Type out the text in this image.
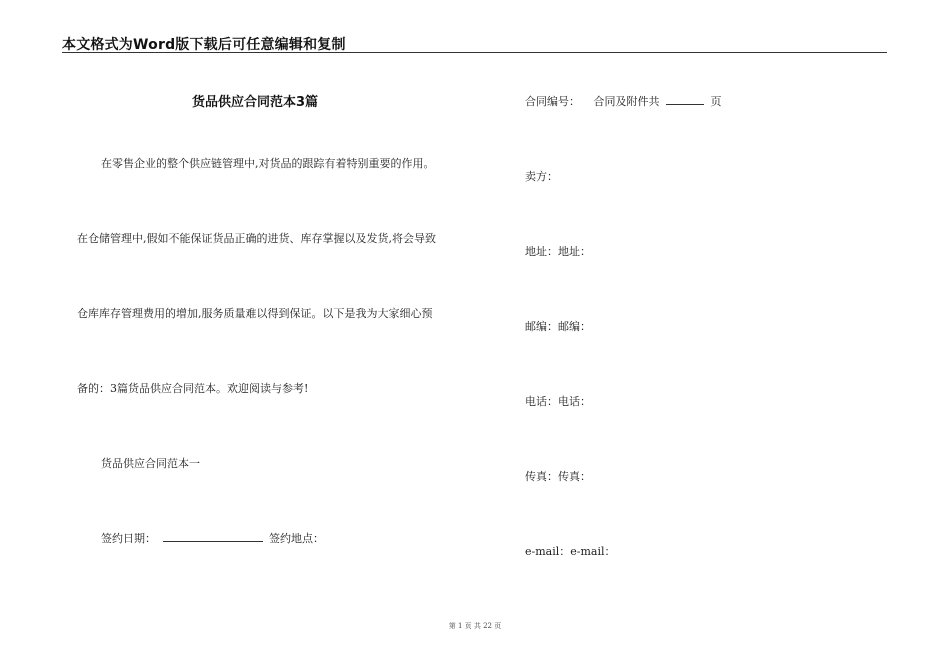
本文格式为Word版下载后可任意编辑和复制
货品供应合同范本3篇
在零售企业的整个供应链管理中,对货品的跟踪有着特别重要的作用。
在仓储管理中,假如不能保证货品正确的进货、库存掌握以及发货,将会导致
仓库库存管理费用的增加,服务质量难以得到保证。以下是我为大家细心预
备的：3篇货品供应合同范本。欢迎阅读与参考!
货品供应合同范本一
签约日期：	签约地点：
合同编号： 合同及附件共	页
卖方：
地址：地址：
邮编：邮编：
电话：电话：
传真：传真：
e-mail：e-mail：
第 1 页 共 22 页
